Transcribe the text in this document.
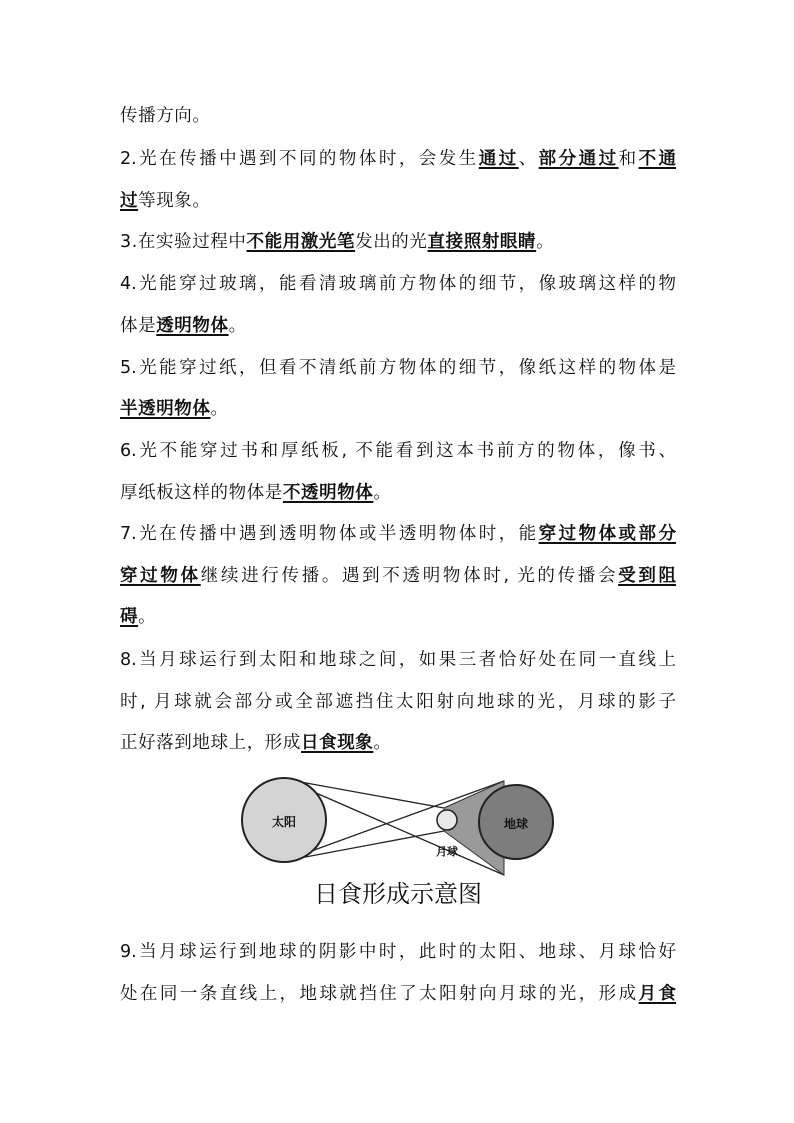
传播方向。
2.光在传播中遇到不同的物体时，会发生通过、部分通过和不通
过等现象。
3.在实验过程中不能用激光笔发出的光直接照射眼睛。
4.光能穿过玻璃，能看清玻璃前方物体的细节，像玻璃这样的物
体是透明物体。
5.光能穿过纸，但看不清纸前方物体的细节，像纸这样的物体是
半透明物体。
6.光不能穿过书和厚纸板, 不能看到这本书前方的物体，像书、
厚纸板这样的物体是不透明物体。
7.光在传播中遇到透明物体或半透明物体时，能穿过物体或部分
穿过物体继续进行传播。遇到不透明物体时, 光的传播会受到阻
碍。
8.当月球运行到太阳和地球之间，如果三者恰好处在同一直线上
时, 月球就会部分或全部遮挡住太阳射向地球的光，月球的影子
正好落到地球上，形成日食现象。
太阳	地球
月球
日食形成示意图
9.当月球运行到地球的阴影中时，此时的太阳、地球、月球恰好
处在同一条直线上，地球就挡住了太阳射向月球的光，形成月食
